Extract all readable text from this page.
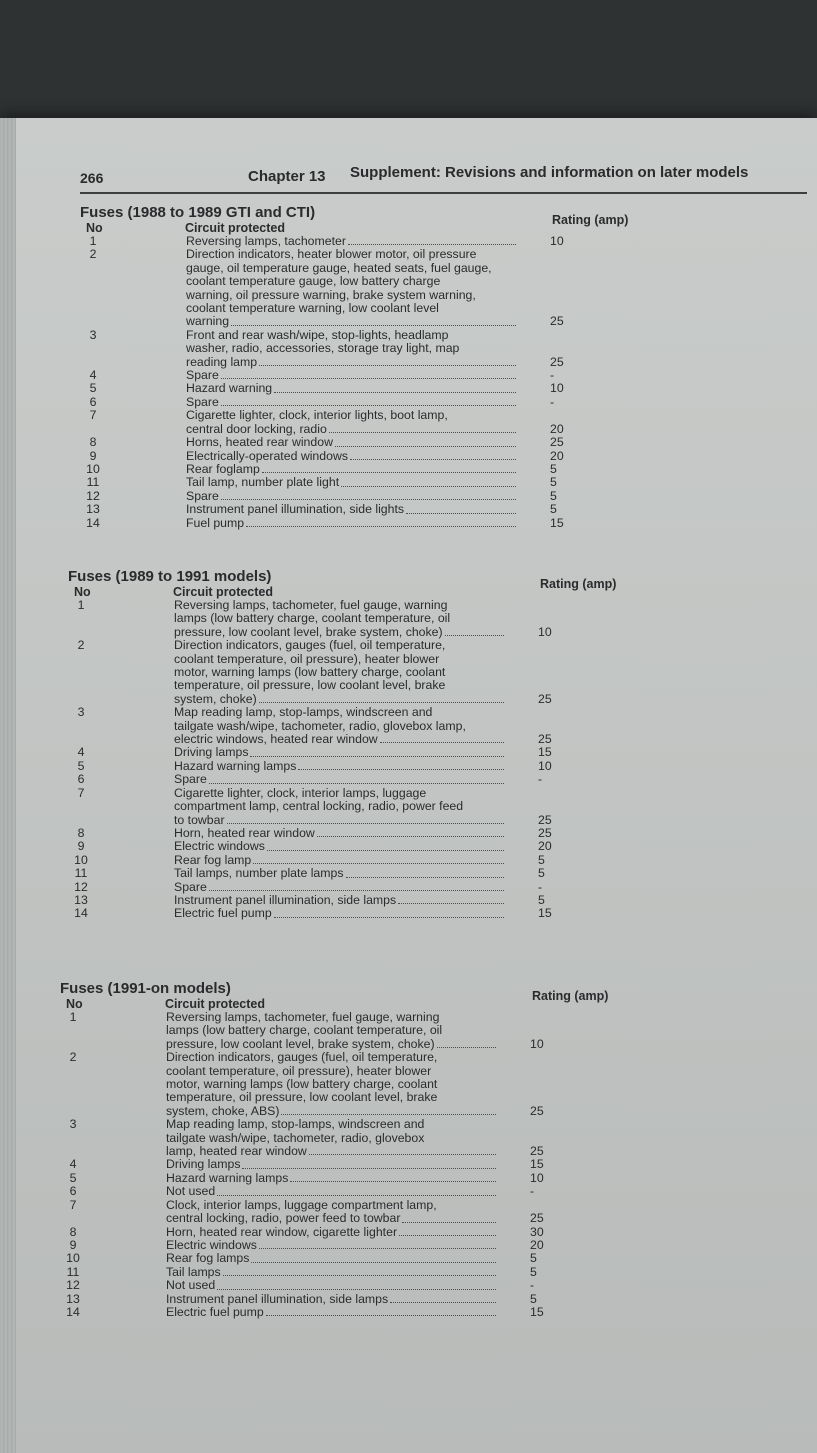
266	Chapter 13 Supplement: Revisions and information on later models
Fuses (1988 to 1989 GTI and CTI)
No	Circuit protected
Rating (amp)
1	Reversing lamps, tachometer	10
2	Direction indicators, heater blower motor, oil pressure
gauge, oil temperature gauge, heated seats, fuel gauge,
coolant temperature gauge, low battery charge
warning, oil pressure warning, brake system warning,
coolant temperature warning, low coolant level
warning	25
3	Front and rear wash/wipe, stop-lights, headlamp
washer, radio, accessories, storage tray light, map
reading lamp	25
4	Spare	-
5	Hazard warning	10
6	Spare	-
7	Cigarette lighter, clock, interior lights, boot lamp,
central door locking, radio	20
8	Horns, heated rear window	25
9	Electrically-operated windows	20
10	Rear foglamp	5
11	Tail lamp, number plate light	5
12	Spare	5
13	Instrument panel illumination, side lights	5
14	Fuel pump	15
Fuses (1989 to 1991 models)
No	Circuit protected
Rating (amp)
1	Reversing lamps, tachometer, fuel gauge, warning
lamps (low battery charge, coolant temperature, oil
pressure, low coolant level, brake system, choke)	10
2	Direction indicators, gauges (fuel, oil temperature,
coolant temperature, oil pressure), heater blower
motor, warning lamps (low battery charge, coolant
temperature, oil pressure, low coolant level, brake
system, choke)	25
3	Map reading lamp, stop-lamps, windscreen and
tailgate wash/wipe, tachometer, radio, glovebox lamp,
electric windows, heated rear window	25
4	Driving lamps	15
5	Hazard warning lamps	10
6	Spare	-
7	Cigarette lighter, clock, interior lamps, luggage
compartment lamp, central locking, radio, power feed
to towbar	25
8	Horn, heated rear window	25
9	Electric windows	20
10	Rear fog lamp	5
11	Tail lamps, number plate lamps	5
12	Spare	-
13	Instrument panel illumination, side lamps	5
14	Electric fuel pump	15
Fuses (1991-on models)
No	Circuit protected
Rating (amp)
1	Reversing lamps, tachometer, fuel gauge, warning
lamps (low battery charge, coolant temperature, oil
pressure, low coolant level, brake system, choke)	10
2	Direction indicators, gauges (fuel, oil temperature,
coolant temperature, oil pressure), heater blower
motor, warning lamps (low battery charge, coolant
temperature, oil pressure, low coolant level, brake
system, choke, ABS)	25
3	Map reading lamp, stop-lamps, windscreen and
tailgate wash/wipe, tachometer, radio, glovebox
lamp, heated rear window	25
4	Driving lamps	15
5	Hazard warning lamps	10
6	Not used	-
7	Clock, interior lamps, luggage compartment lamp,
central locking, radio, power feed to towbar	25
8	Horn, heated rear window, cigarette lighter	30
9	Electric windows	20
10	Rear fog lamps	5
11	Tail lamps	5
12	Not used	-
13	Instrument panel illumination, side lamps	5
14	Electric fuel pump	15
